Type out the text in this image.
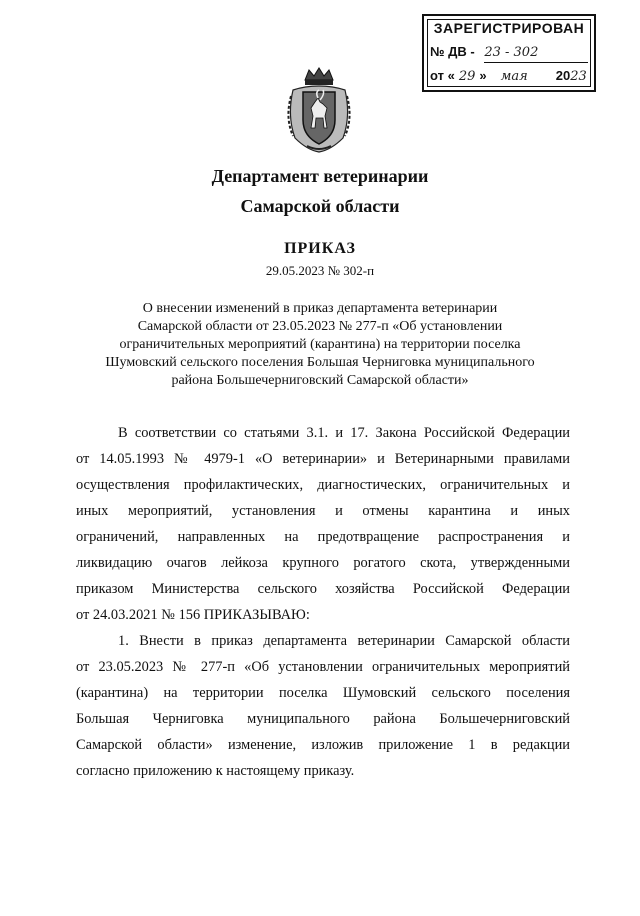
ЗАРЕГИСТРИРОВАН
№ ДВ - 23 - 302
от « 29 » мая 2023
Департамент ветеринарии
Самарской области
ПРИКАЗ
29.05.2023 № 302-п
О внесении изменений в приказ департамента ветеринарии
Самарской области от 23.05.2023 № 277-п «Об установлении
ограничительных мероприятий (карантина) на территории поселка
Шумовский сельского поселения Большая Черниговка муниципального
района Большечерниговский Самарской области»
В соответствии со статьями 3.1. и 17. Закона Российской Федерации
от 14.05.1993 № 4979-1 «О ветеринарии» и Ветеринарными правилами
осуществления профилактических, диагностических, ограничительных и
иных мероприятий, установления и отмены карантина и иных
ограничений, направленных на предотвращение распространения и
ликвидацию очагов лейкоза крупного рогатого скота, утвержденными
приказом Министерства сельского хозяйства Российской Федерации
от 24.03.2021 № 156 ПРИКАЗЫВАЮ:
1. Внести в приказ департамента ветеринарии Самарской области
от 23.05.2023 № 277-п «Об установлении ограничительных мероприятий
(карантина) на территории поселка Шумовский сельского поселения
Большая Черниговка муниципального района Большечерниговский
Самарской области» изменение, изложив приложение 1 в редакции
согласно приложению к настоящему приказу.
